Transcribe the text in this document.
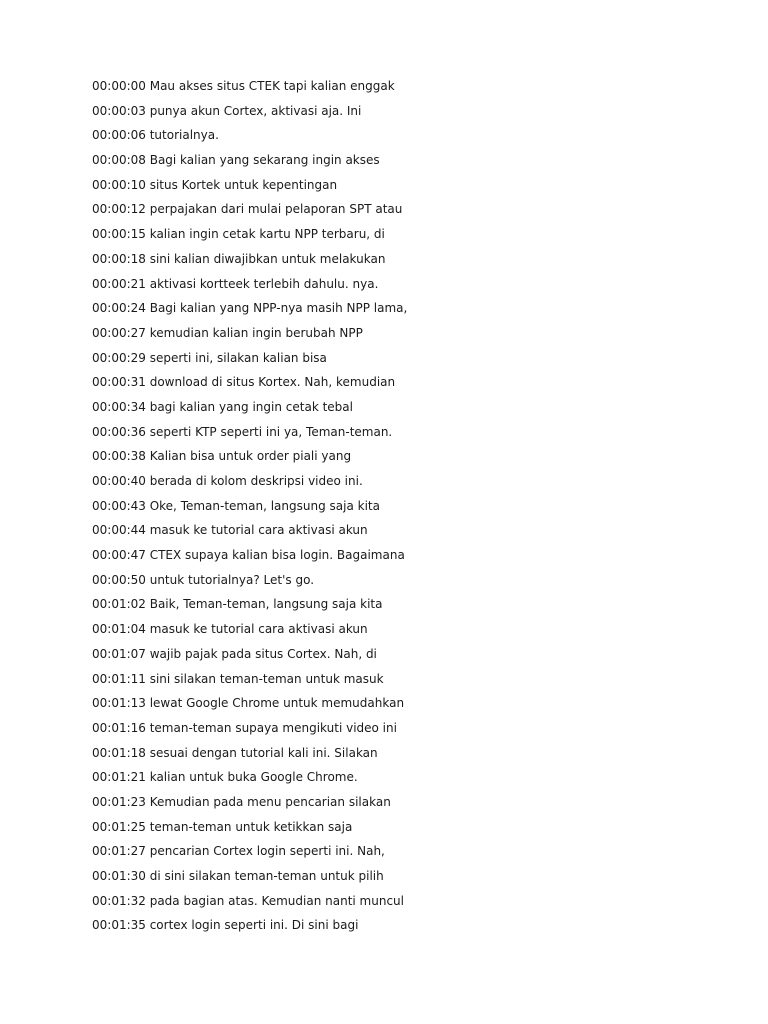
00:00:00 Mau akses situs CTEK tapi kalian enggak
00:00:03 punya akun Cortex, aktivasi aja. Ini
00:00:06 tutorialnya.
00:00:08 Bagi kalian yang sekarang ingin akses
00:00:10 situs Kortek untuk kepentingan
00:00:12 perpajakan dari mulai pelaporan SPT atau
00:00:15 kalian ingin cetak kartu NPP terbaru, di
00:00:18 sini kalian diwajibkan untuk melakukan
00:00:21 aktivasi kortteek terlebih dahulu. nya.
00:00:24 Bagi kalian yang NPP-nya masih NPP lama,
00:00:27 kemudian kalian ingin berubah NPP
00:00:29 seperti ini, silakan kalian bisa
00:00:31 download di situs Kortex. Nah, kemudian
00:00:34 bagi kalian yang ingin cetak tebal
00:00:36 seperti KTP seperti ini ya, Teman-teman.
00:00:38 Kalian bisa untuk order piali yang
00:00:40 berada di kolom deskripsi video ini.
00:00:43 Oke, Teman-teman, langsung saja kita
00:00:44 masuk ke tutorial cara aktivasi akun
00:00:47 CTEX supaya kalian bisa login. Bagaimana
00:00:50 untuk tutorialnya? Let's go.
00:01:02 Baik, Teman-teman, langsung saja kita
00:01:04 masuk ke tutorial cara aktivasi akun
00:01:07 wajib pajak pada situs Cortex. Nah, di
00:01:11 sini silakan teman-teman untuk masuk
00:01:13 lewat Google Chrome untuk memudahkan
00:01:16 teman-teman supaya mengikuti video ini
00:01:18 sesuai dengan tutorial kali ini. Silakan
00:01:21 kalian untuk buka Google Chrome.
00:01:23 Kemudian pada menu pencarian silakan
00:01:25 teman-teman untuk ketikkan saja
00:01:27 pencarian Cortex login seperti ini. Nah,
00:01:30 di sini silakan teman-teman untuk pilih
00:01:32 pada bagian atas. Kemudian nanti muncul
00:01:35 cortex login seperti ini. Di sini bagi
